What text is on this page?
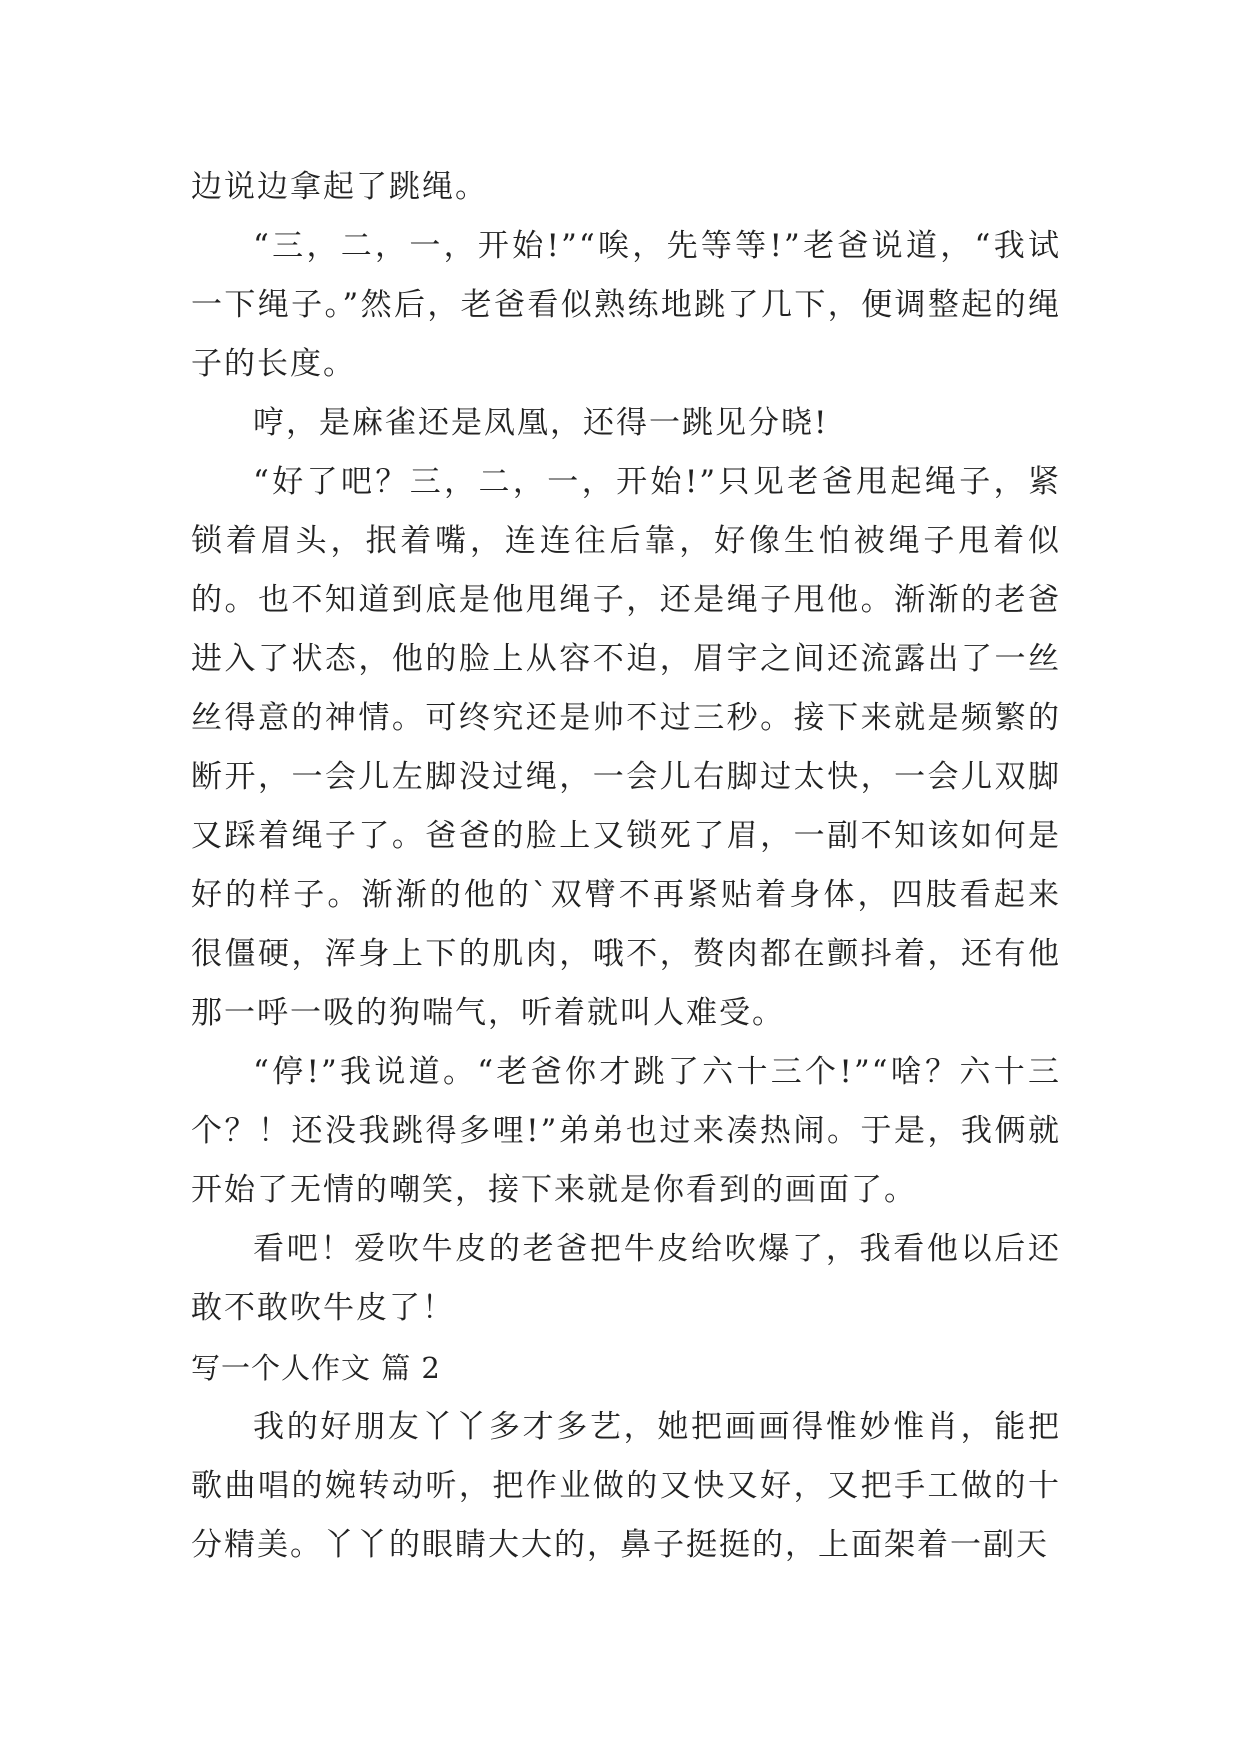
边说边拿起了跳绳。

“三，二，一，开始!”“唉，先等等!”老爸说道，“我试一下绳子。”然后，老爸看似熟练地跳了几下，便调整起的绳子的长度。

哼，是麻雀还是凤凰，还得一跳见分晓!

“好了吧？三，二，一，开始!”只见老爸甩起绳子，紧锁着眉头，抿着嘴，连连往后靠，好像生怕被绳子甩着似的。也不知道到底是他甩绳子，还是绳子甩他。渐渐的老爸进入了状态，他的脸上从容不迫，眉宇之间还流露出了一丝丝得意的神情。可终究还是帅不过三秒。接下来就是频繁的断开，一会儿左脚没过绳，一会儿右脚过太快，一会儿双脚又踩着绳子了。爸爸的脸上又锁死了眉，一副不知该如何是好的样子。渐渐的他的`双臂不再紧贴着身体，四肢看起来很僵硬，浑身上下的肌肉，哦不，赘肉都在颤抖着，还有他那一呼一吸的狗喘气，听着就叫人难受。

“停!”我说道。“老爸你才跳了六十三个!”“啥？六十三个？！还没我跳得多哩!”弟弟也过来凑热闹。于是，我俩就开始了无情的嘲笑，接下来就是你看到的画面了。

看吧！爱吹牛皮的老爸把牛皮给吹爆了，我看他以后还敢不敢吹牛皮了！

写一个人作文 篇 2

我的好朋友丫丫多才多艺，她把画画得惟妙惟肖，能把歌曲唱的婉转动听，把作业做的又快又好，又把手工做的十分精美。丫丫的眼睛大大的，鼻子挺挺的，上面架着一副天
